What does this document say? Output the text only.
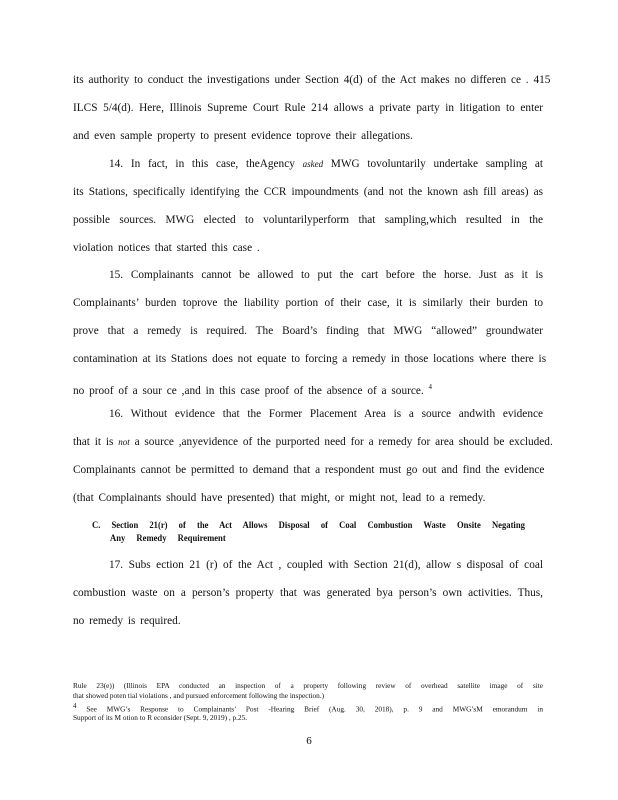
its authority to conduct the investigations under Section 4(d) of the Act makes no differen ce . 415
ILCS 5/4(d). Here, Illinois Supreme Court Rule 214 allows a private party in litigation to enter
and even sample property to present evidence toprove their allegations.
14. In fact, in this case, theAgency asked MWG tovoluntarily undertake sampling at
its Stations, specifically identifying the CCR impoundments (and not the known ash fill areas) as
possible sources. MWG elected to voluntarilyperform that sampling,which resulted in the
violation notices that started this case .
15. Complainants cannot be allowed to put the cart before the horse. Just as it is
Complainants’ burden toprove the liability portion of their case, it is similarly their burden to
prove that a remedy is required. The Board’s finding that MWG “allowed” groundwater
contamination at its Stations does not equate to forcing a remedy in those locations where there is
no proof of a sour ce ,and in this case proof of the absence of a source. $^4$
16. Without evidence that the Former Placement Area is a source andwith evidence
that it is not a source ,anyevidence of the purported need for a remedy for area should be excluded.
Complainants cannot be permitted to demand that a respondent must go out and find the evidence
(that Complainants should have presented) that might, or might not, lead to a remedy.
C. Section 21(r) of the Act Allows Disposal of Coal Combustion Waste Onsite Negating
Any Remedy Requirement
17. Subs ection 21 (r) of the Act , coupled with Section 21(d), allow s disposal of coal
combustion waste on a person’s property that was generated bya person’s own activities. Thus,
no remedy is required.
Rule 23(e)) (Illinois EPA conducted an inspection of a property following review of overhead satellite image of site
that showed poten tial violations , and pursued enforcement following the inspection.)
$^4$ See MWG’s Response to Complainants’ Post -Hearing Brief (Aug. 30, 2018), p. 9 and MWG’sM emorandum in
Support of its M otion to R econsider (Sept. 9, 2019) , p.25.
6
